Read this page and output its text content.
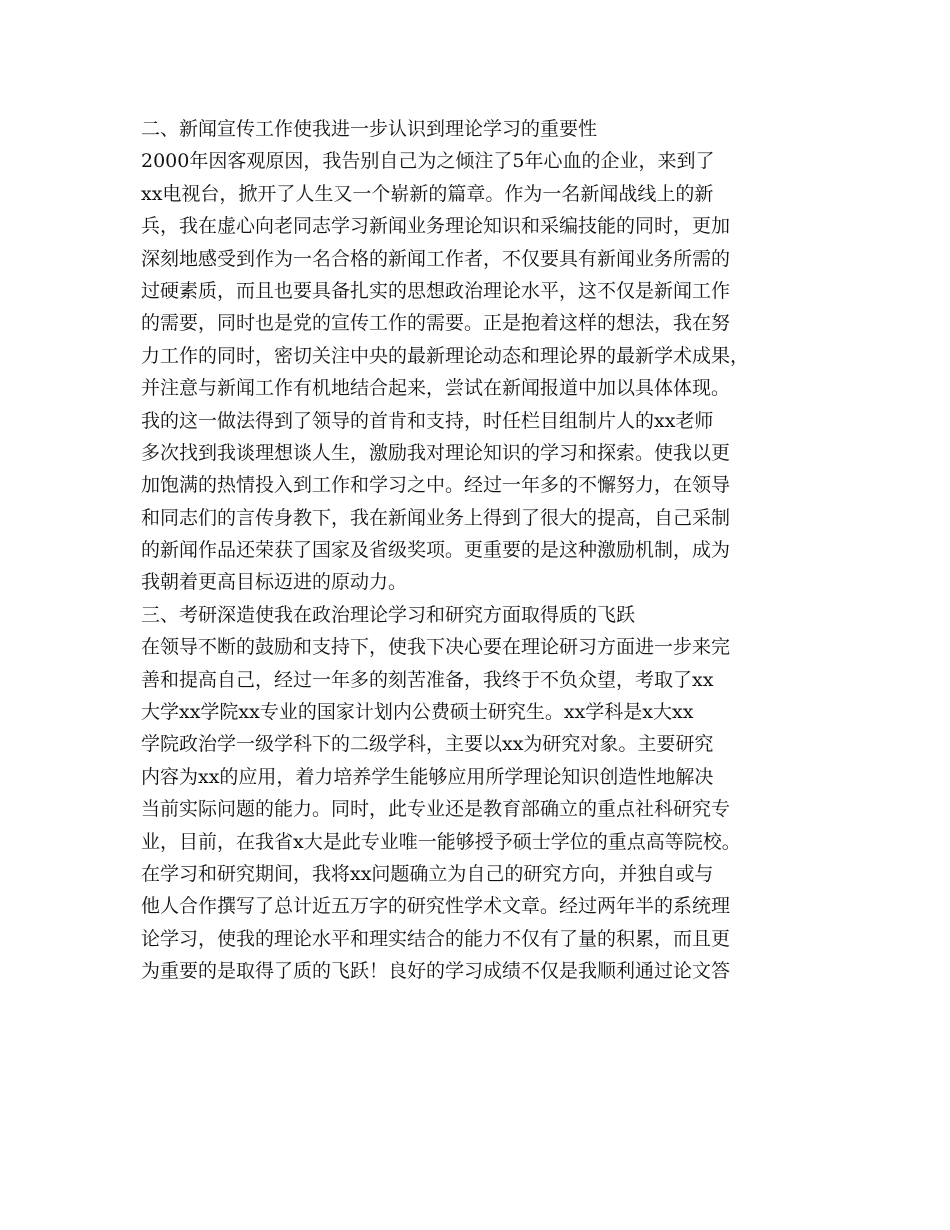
二、新闻宣传工作使我进一步认识到理论学习的重要性
2000年因客观原因，我告别自己为之倾注了5年心血的企业，来到了
xx电视台，掀开了人生又一个崭新的篇章。作为一名新闻战线上的新
兵，我在虚心向老同志学习新闻业务理论知识和采编技能的同时，更加
深刻地感受到作为一名合格的新闻工作者，不仅要具有新闻业务所需的
过硬素质，而且也要具备扎实的思想政治理论水平，这不仅是新闻工作
的需要，同时也是党的宣传工作的需要。正是抱着这样的想法，我在努
力工作的同时，密切关注中央的最新理论动态和理论界的最新学术成果，
并注意与新闻工作有机地结合起来，尝试在新闻报道中加以具体体现。
我的这一做法得到了领导的首肯和支持，时任栏目组制片人的xx老师
多次找到我谈理想谈人生，激励我对理论知识的学习和探索。使我以更
加饱满的热情投入到工作和学习之中。经过一年多的不懈努力，在领导
和同志们的言传身教下，我在新闻业务上得到了很大的提高，自己采制
的新闻作品还荣获了国家及省级奖项。更重要的是这种激励机制，成为
我朝着更高目标迈进的原动力。
三、考研深造使我在政治理论学习和研究方面取得质的飞跃
在领导不断的鼓励和支持下，使我下决心要在理论研习方面进一步来完
善和提高自己，经过一年多的刻苦准备，我终于不负众望，考取了xx
大学xx学院xx专业的国家计划内公费硕士研究生。xx学科是x大xx
学院政治学一级学科下的二级学科，主要以xx为研究对象。主要研究
内容为xx的应用，着力培养学生能够应用所学理论知识创造性地解决
当前实际问题的能力。同时，此专业还是教育部确立的重点社科研究专
业，目前，在我省x大是此专业唯一能够授予硕士学位的重点高等院校。
在学习和研究期间，我将xx问题确立为自己的研究方向，并独自或与
他人合作撰写了总计近五万字的研究性学术文章。经过两年半的系统理
论学习，使我的理论水平和理实结合的能力不仅有了量的积累，而且更
为重要的是取得了质的飞跃！良好的学习成绩不仅是我顺利通过论文答
